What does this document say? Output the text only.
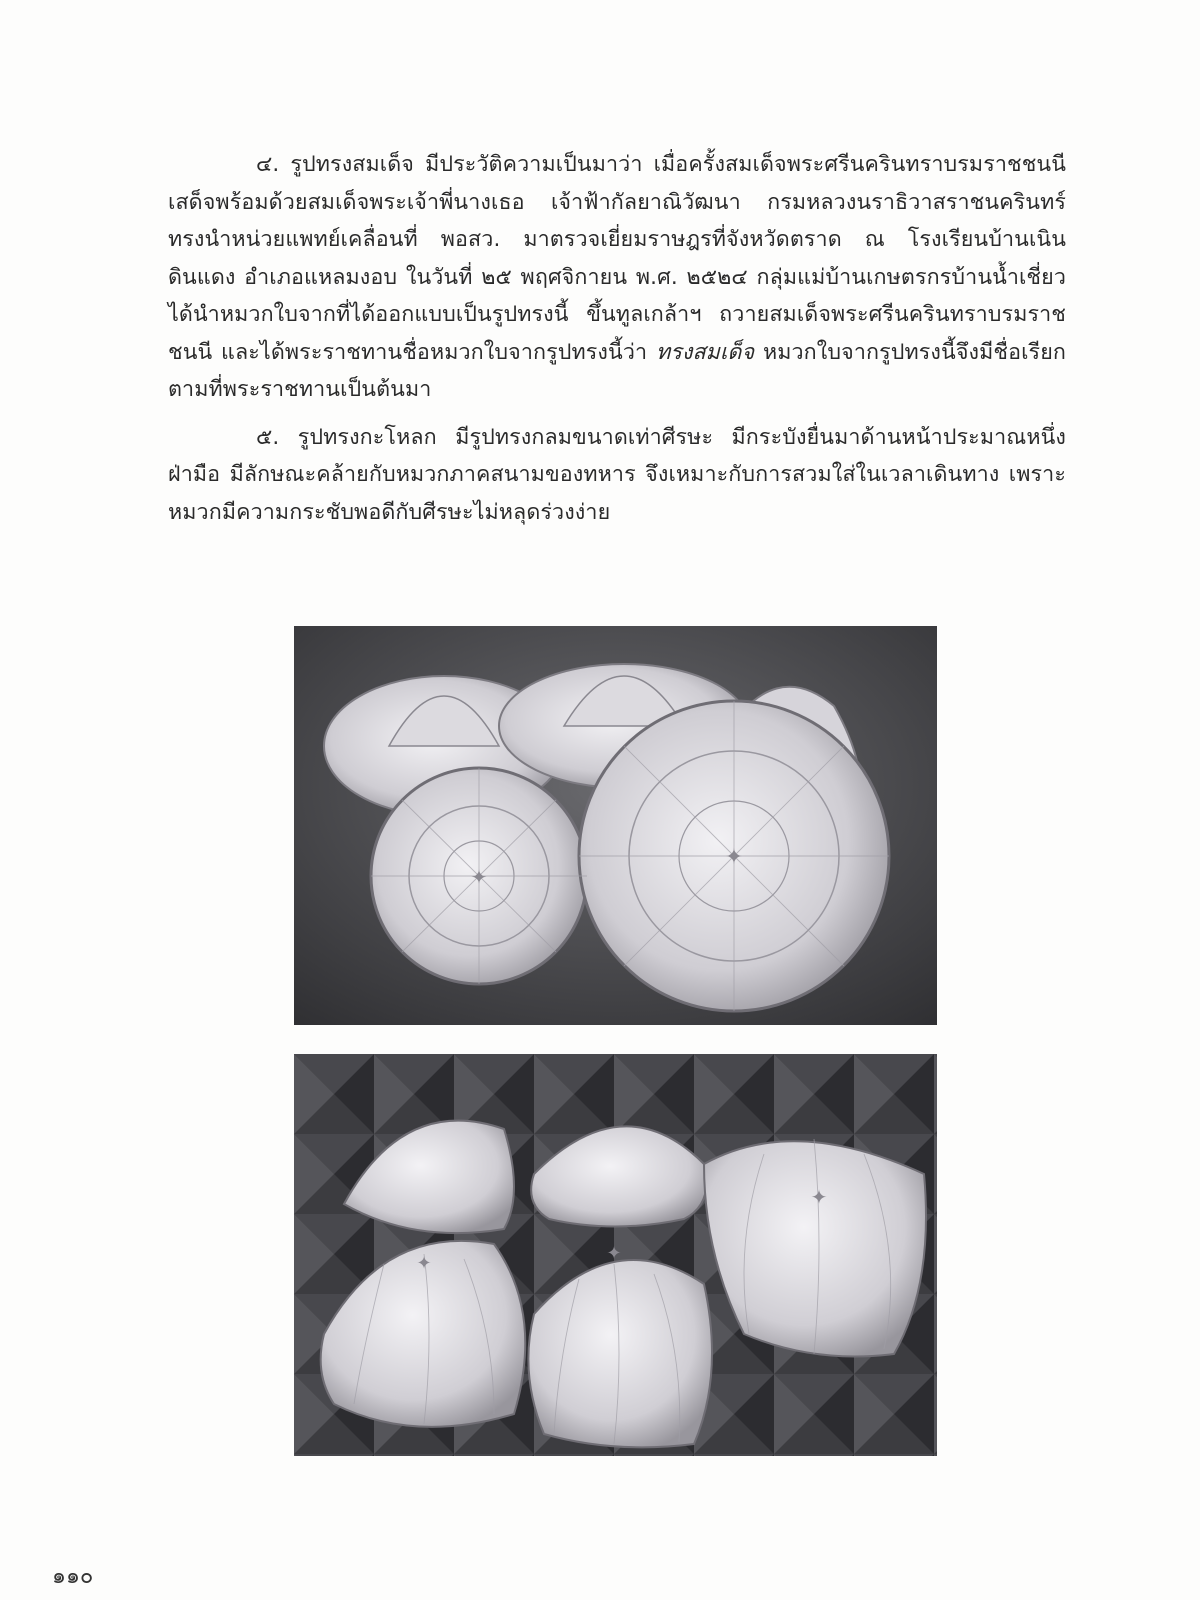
๔. รูปทรงสมเด็จ มีประวัติความเป็นมาว่า เมื่อครั้งสมเด็จพระศรีนครินทราบรมราชชนนี เสด็จพร้อมด้วยสมเด็จพระเจ้าพี่นางเธอ เจ้าฟ้ากัลยาณิวัฒนา กรมหลวงนราธิวาสราชนครินทร์ ทรงนำหน่วยแพทย์เคลื่อนที่ พอสว. มาตรวจเยี่ยมราษฎรที่จังหวัดตราด ณ โรงเรียนบ้านเนินดินแดง อำเภอแหลมงอบ ในวันที่ ๒๕ พฤศจิกายน พ.ศ. ๒๕๒๔ กลุ่มแม่บ้านเกษตรกรบ้านน้ำเชี่ยว ได้นำหมวกใบจากที่ได้ออกแบบเป็นรูปทรงนี้ ขึ้นทูลเกล้าฯ ถวายสมเด็จพระศรีนครินทราบรมราชชนนี และได้พระราชทานชื่อหมวกใบจากรูปทรงนี้ว่า ทรงสมเด็จ หมวกใบจากรูปทรงนี้จึงมีชื่อเรียกตามที่พระราชทานเป็นต้นมา

๕. รูปทรงกะโหลก มีรูปทรงกลมขนาดเท่าศีรษะ มีกระบังยื่นมาด้านหน้าประมาณหนึ่งฝ่ามือ มีลักษณะคล้ายกับหมวกภาคสนามของทหาร จึงเหมาะกับการสวมใส่ในเวลาเดินทาง เพราะหมวกมีความกระชับพอดีกับศีรษะไม่หลุดร่วงง่าย

✦
✦
✦	✦
✦
๑๑๐
